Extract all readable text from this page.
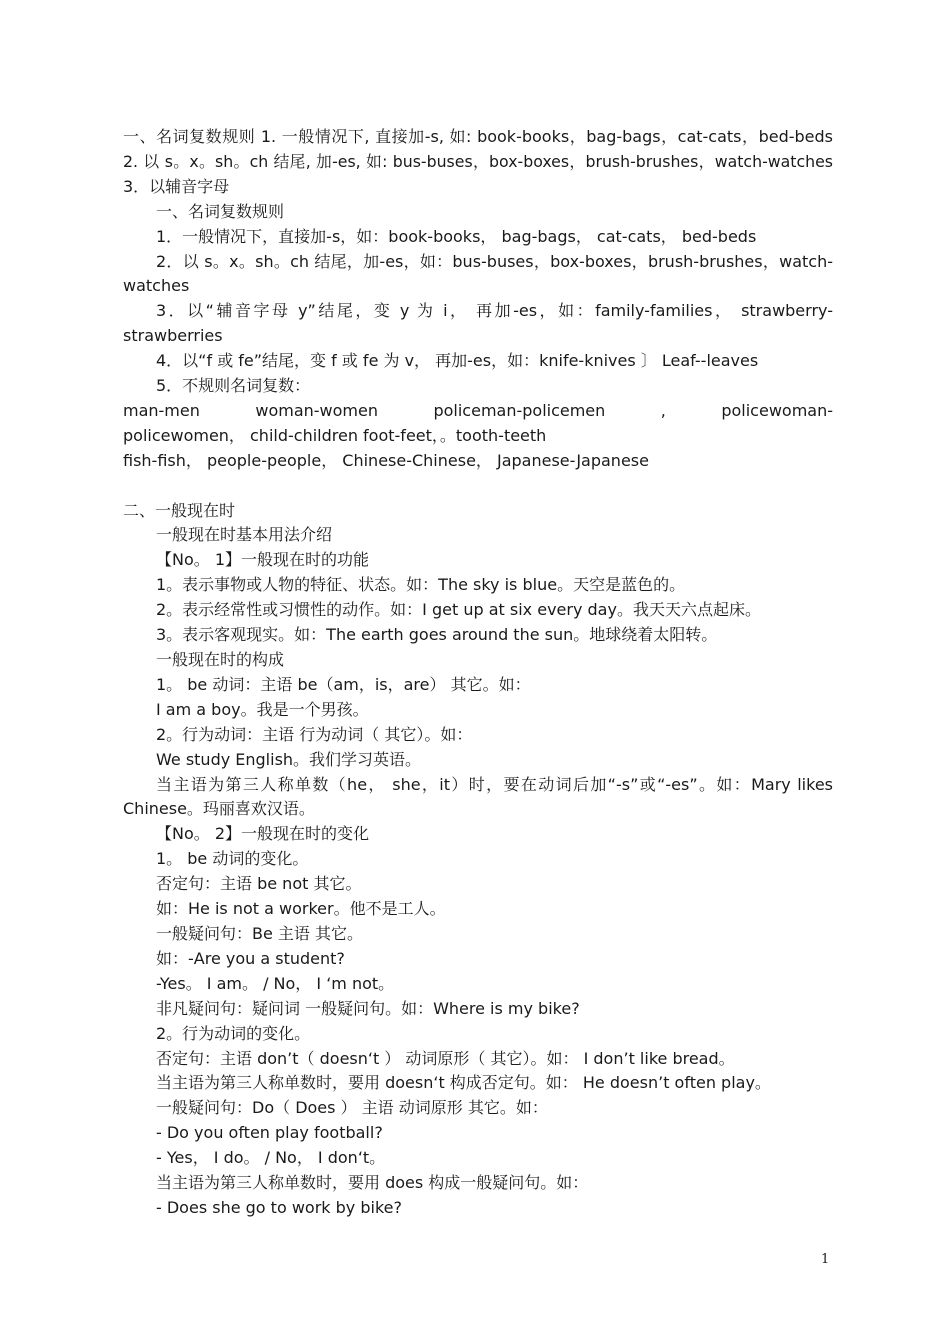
一、名词复数规则 1. 一般情况下, 直接加-s, 如: book-books，bag-bags，cat-cats，bed-beds
2. 以 s。x。sh。ch 结尾, 加-es, 如: bus-buses，box-boxes，brush-brushes，watch-watches
3．以辅音字母
一、名词复数规则
1．一般情况下，直接加-s，如：book-books， bag-bags， cat-cats， bed-beds
2．以 s。x。sh。ch 结尾，加-es，如：bus-buses，box-boxes，brush-brushes，watch-
watches
3．以“辅音字母 y”结尾，变 y 为 i， 再加-es，如：family-families， strawberry-
strawberries
4．以“f 或 fe”结尾，变 f 或 fe 为 v， 再加-es，如：knife-knives 〕 Leaf--leaves
5．不规则名词复数：
man-men woman-women policeman-policemen , policewoman-
policewomen， child-children foot-feet，。tooth-teeth
fish-fish， people-people， Chinese-Chinese， Japanese-Japanese
二、一般现在时
一般现在时基本用法介绍
【No。 1】一般现在时的功能
1。表示事物或人物的特征、状态。如：The sky is blue。天空是蓝色的。
2。表示经常性或习惯性的动作。如：I get up at six every day。我天天六点起床。
3。表示客观现实。如：The earth goes around the sun。地球绕着太阳转。
一般现在时的构成
1。 be 动词：主语 be（am，is，are） 其它。如：
I am a boy。我是一个男孩。
2。行为动词：主语 行为动词（ 其它）。如：
We study English。我们学习英语。
当主语为第三人称单数（he， she，it）时，要在动词后加“-s”或“-es”。如：Mary likes
Chinese。玛丽喜欢汉语。
【No。 2】一般现在时的变化
1。 be 动词的变化。
否定句：主语 be not 其它。
如：He is not a worker。他不是工人。
一般疑问句：Be 主语 其它。
如：-Are you a student?
-Yes。 I am。 / No， I ‘m not。
非凡疑问句：疑问词 一般疑问句。如：Where is my bike?
2。行为动词的变化。
否定句：主语 don’t（ doesn‘t ） 动词原形（ 其它）。如： I don’t like bread。
当主语为第三人称单数时，要用 doesn‘t 构成否定句。如： He doesn’t often play。
一般疑问句：Do（ Does ） 主语 动词原形 其它。如：
- Do you often play football?
- Yes， I do。 / No， I don‘t。
当主语为第三人称单数时，要用 does 构成一般疑问句。如：
- Does she go to work by bike?
1
